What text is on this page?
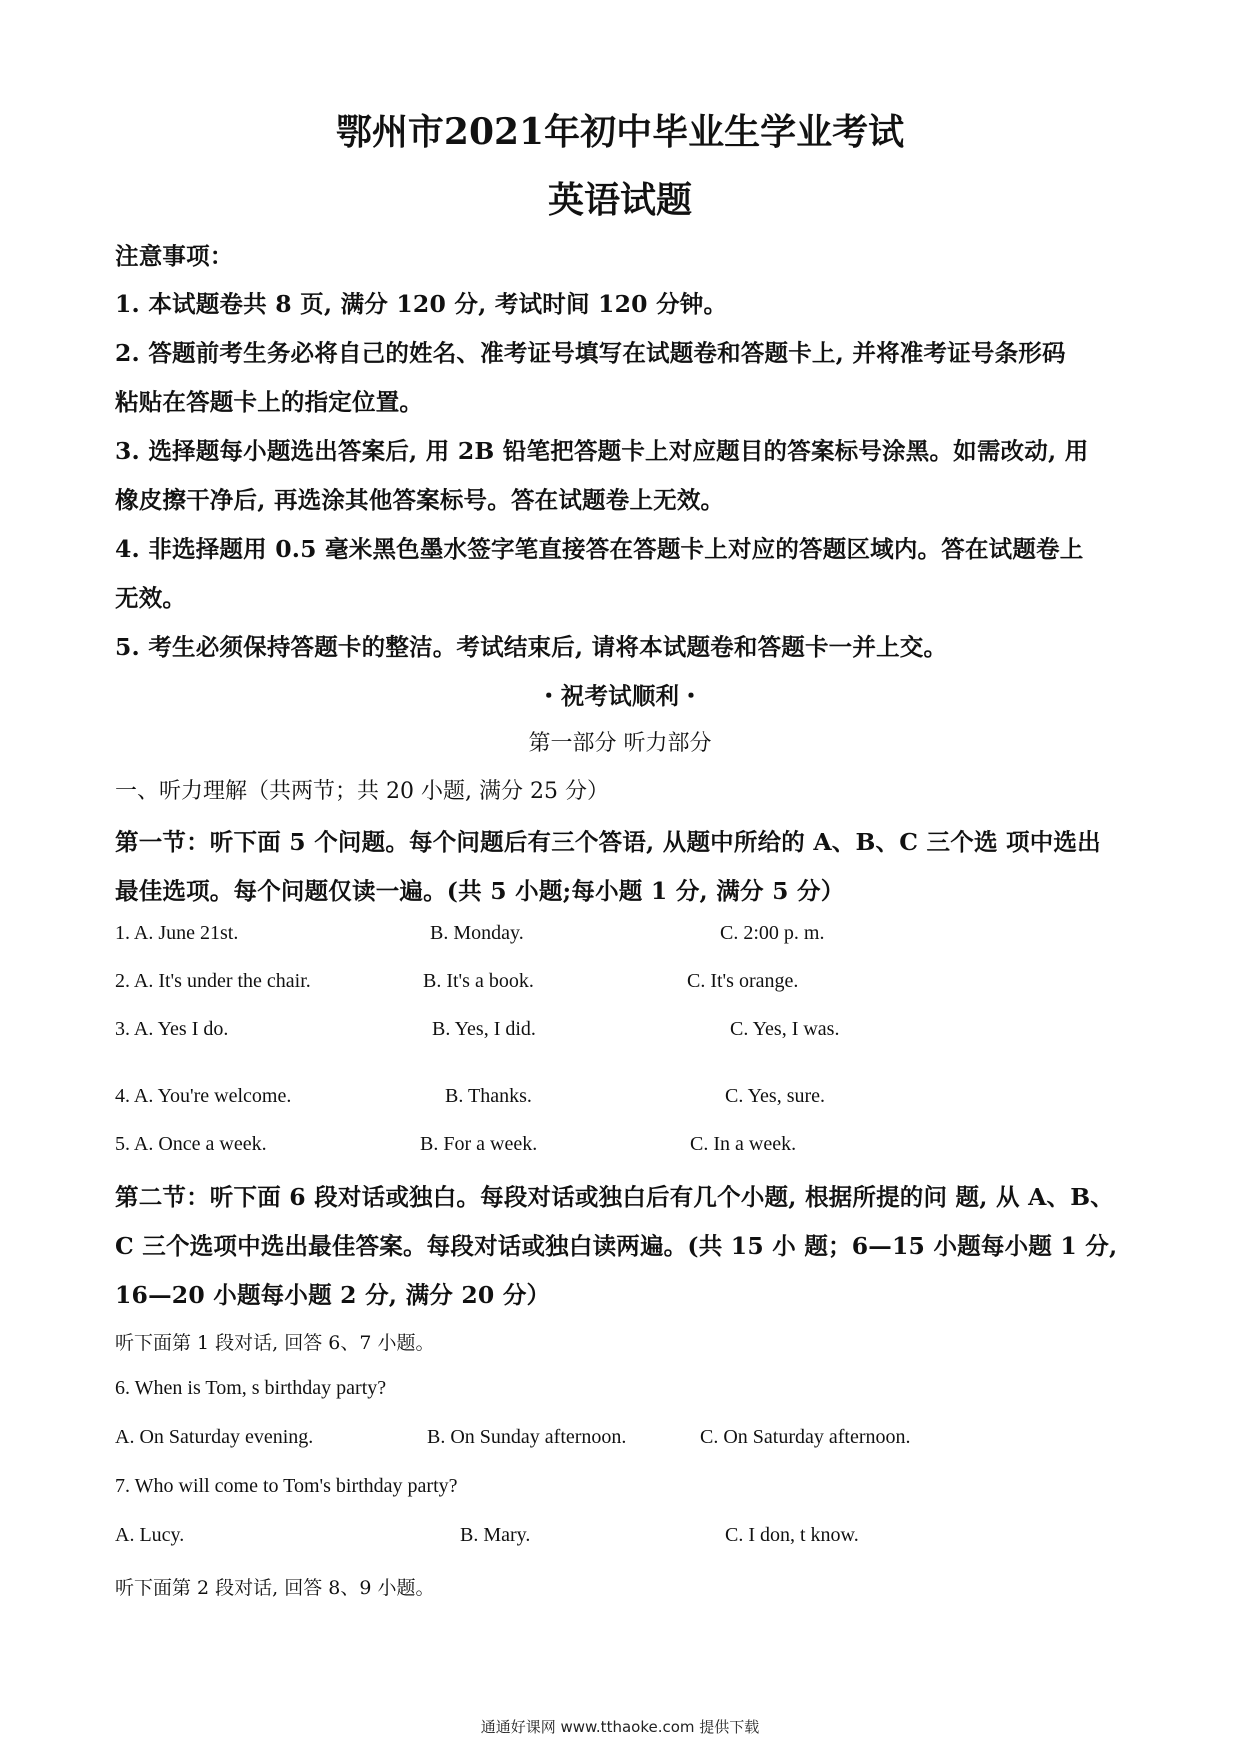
鄂州市2021年初中毕业生学业考试
英语试题
注意事项：
1. 本试题卷共 8 页, 满分 120 分, 考试时间 120 分钟。
2. 答题前考生务必将自己的姓名、准考证号填写在试题卷和答题卡上, 并将准考证号条形码
粘贴在答题卡上的指定位置。
3. 选择题每小题选出答案后, 用 2B 铅笔把答题卡上对应题目的答案标号涂黑。如需改动, 用
橡皮擦干净后, 再选涂其他答案标号。答在试题卷上无效。
4. 非选择题用 0.5 毫米黑色墨水签字笔直接答在答题卡上对应的答题区域内。答在试题卷上
无效。
5. 考生必须保持答题卡的整洁。考试结束后, 请将本试题卷和答题卡一并上交。
・祝考试顺利・
第一部分 听力部分
一、听力理解（共两节；共 20 小题, 满分 25 分）
第一节：听下面 5 个问题。每个问题后有三个答语, 从题中所给的 A、B、C 三个选 项中选出
最佳选项。每个问题仅读一遍。(共 5 小题;每小题 1 分, 满分 5 分）
1. A. June 21st.	B. Monday.	C. 2:00 p. m.
2. A. It's under the chair.	B. It's a book.	C. It's orange.
3. A. Yes I do.	B. Yes, I did.	C. Yes, I was.
4. A. You're welcome.	B. Thanks.	C. Yes, sure.
5. A. Once a week.	B. For a week.	C. In a week.
第二节：听下面 6 段对话或独白。每段对话或独白后有几个小题, 根据所提的问 题, 从 A、B、
C 三个选项中选出最佳答案。每段对话或独白读两遍。(共 15 小 题；6—15 小题每小题 1 分,
16—20 小题每小题 2 分, 满分 20 分）
听下面第 1 段对话, 回答 6、7 小题。
6. When is Tom, s birthday party?
A. On Saturday evening.	B. On Sunday afternoon.	C. On Saturday afternoon.
7. Who will come to Tom's birthday party?
A. Lucy.	B. Mary.	C. I don, t know.
听下面第 2 段对话, 回答 8、9 小题。
通通好课网 www.tthaoke.com 提供下载
